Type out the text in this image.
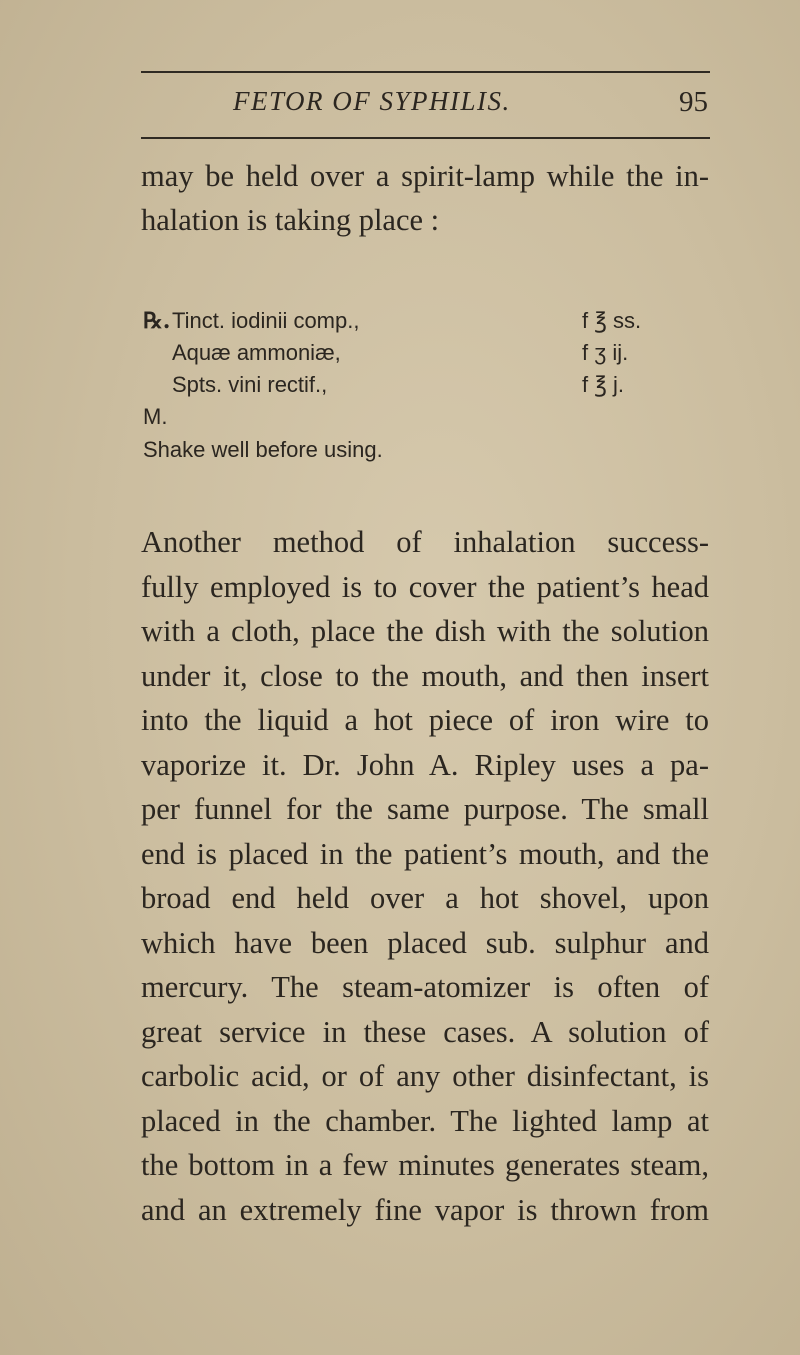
FETOR OF SYPHILIS.	95
may be held over a spirit-lamp while the in-
halation is taking place :
℞. Tinct. iodinii comp.,	f ℥ ss.
Aquæ ammoniæ,	f ʒ ij.
Spts. vini rectif.,	f ℥ j.
M.
Shake well before using.
Another method of inhalation success-
fully employed is to cover the patient’s head
with a cloth, place the dish with the solution
under it, close to the mouth, and then insert
into the liquid a hot piece of iron wire to
vaporize it. Dr. John A. Ripley uses a pa-
per funnel for the same purpose. The small
end is placed in the patient’s mouth, and the
broad end held over a hot shovel, upon
which have been placed sub. sulphur and
mercury. The steam-atomizer is often of
great service in these cases. A solution of
carbolic acid, or of any other disinfectant, is
placed in the chamber. The lighted lamp at
the bottom in a few minutes generates steam,
and an extremely fine vapor is thrown from
